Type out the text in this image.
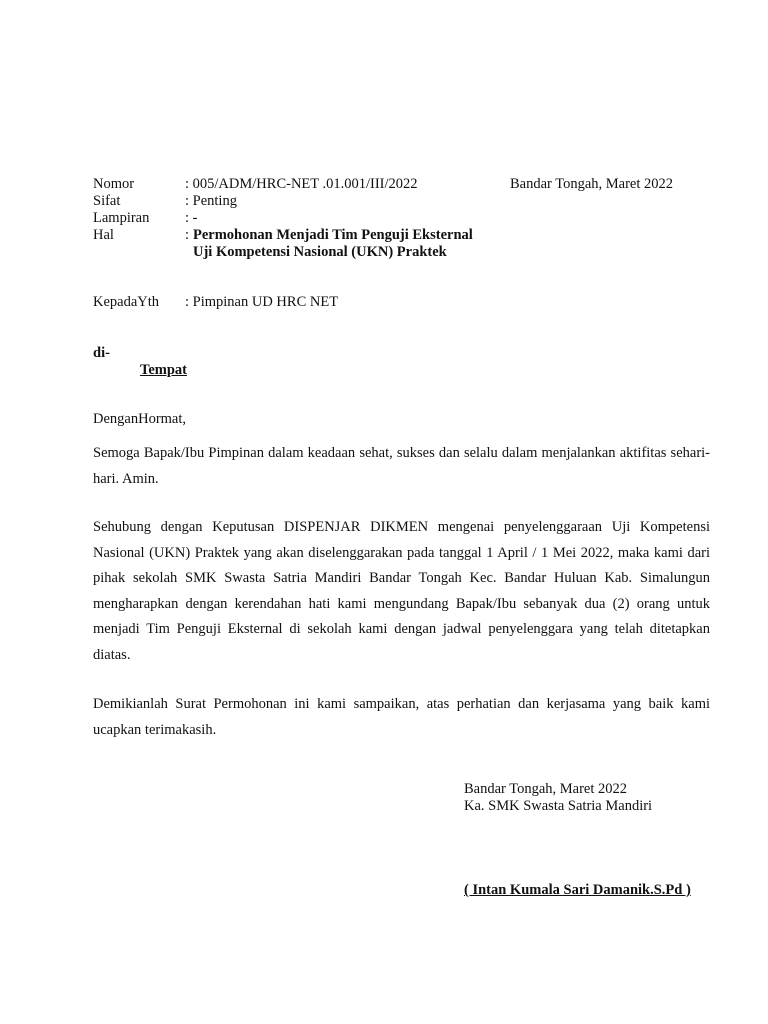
Nomor	: 005/ADM/HRC-NET .01.001/III/2022	Bandar Tongah, Maret 2022
Sifat	: Penting
Lampiran : -
Hal	: Permohonan Menjadi Tim Penguji Eksternal
Uji Kompetensi Nasional (UKN) Praktek
KepadaYth : Pimpinan UD HRC NET
di-
Tempat
DenganHormat,

Semoga Bapak/Ibu Pimpinan dalam keadaan sehat, sukses dan selalu dalam menjalankan aktifitas sehari-hari. Amin.

Sehubung dengan Keputusan DISPENJAR DIKMEN mengenai penyelenggaraan Uji Kompetensi Nasional (UKN) Praktek yang akan diselenggarakan pada tanggal 1 April / 1 Mei 2022, maka kami dari pihak sekolah SMK Swasta Satria Mandiri Bandar Tongah Kec. Bandar Huluan Kab. Simalungun mengharapkan dengan kerendahan hati kami mengundang Bapak/Ibu sebanyak dua (2) orang untuk menjadi Tim Penguji Eksternal di sekolah kami dengan jadwal penyelenggara yang telah ditetapkan diatas.

Demikianlah Surat Permohonan ini kami sampaikan, atas perhatian dan kerjasama yang baik kami ucapkan terimakasih.

Bandar Tongah, Maret 2022
Ka. SMK Swasta Satria Mandiri
( Intan Kumala Sari Damanik.S.Pd )
